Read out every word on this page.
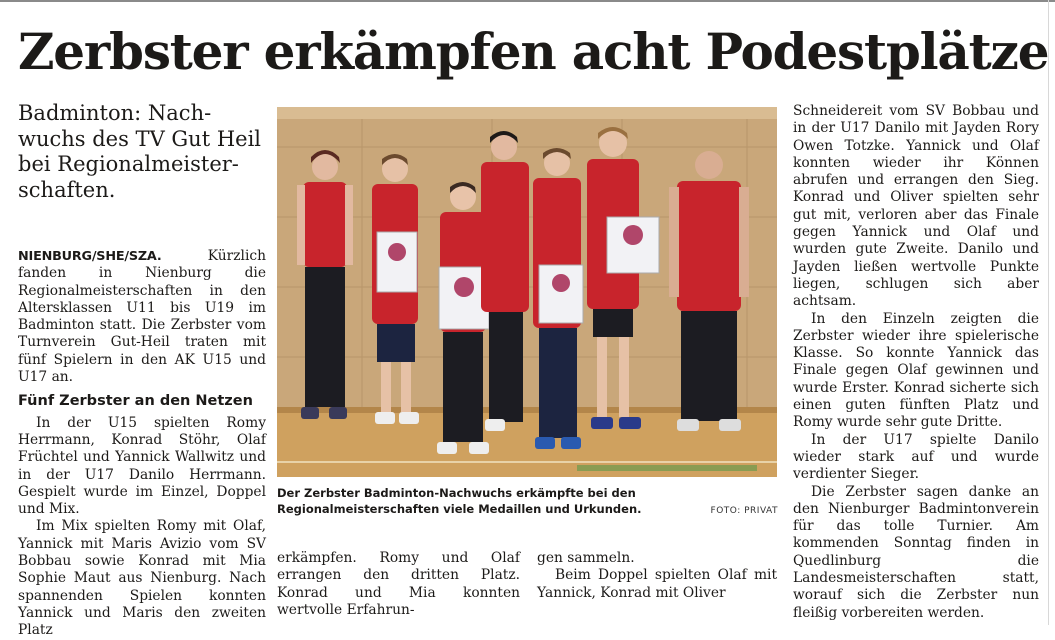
Zerbster erkämpfen acht Podestplätze
Badminton: Nach-wuchs des TV Gut Heil bei Regionalmeister-schaften.

NIENBURG/SHE/SZA.	Kürzlich fanden in Nienburg die Regionalmeisterschaften in den Altersklassen U11 bis U19 im Badminton statt. Die Zerbster vom Turnverein Gut-Heil traten mit fünf Spielern in den AK U15 und U17 an.

Fünf Zerbster an den Netzen

In der U15 spielten Romy Herrmann, Konrad Stöhr, Olaf Früchtel und Yannick Wallwitz und in der U17 Danilo Herrmann. Gespielt wurde im Einzel, Doppel und Mix.

Im Mix spielten Romy mit Olaf, Yannick mit Maris Avizio vom SV Bobbau sowie Konrad mit Mia Sophie Maut aus Nienburg. Nach spannenden Spielen konnten Yannick und Maris den zweiten Platz

Der Zerbster Badminton-Nachwuchs erkämpfte bei den Regionalmeisterschaften viele Medaillen und Urkunden.	FOTO: PRIVAT

erkämpfen. Romy und Olaf errangen den dritten Platz. Konrad und Mia konnten wertvolle Erfahrun-

gen sammeln.

Beim Doppel spielten Olaf mit Yannick, Konrad mit Oliver

Schneidereit vom SV Bobbau und in der U17 Danilo mit Jayden Rory Owen Totzke. Yannick und Olaf konnten wieder ihr Können abrufen und errangen den Sieg. Konrad und Oliver spielten sehr gut mit, verloren aber das Finale gegen Yannick und Olaf und wurden gute Zweite. Danilo und Jayden ließen wertvolle Punkte liegen, schlugen sich aber achtsam.

In den Einzeln zeigten die Zerbster wieder ihre spielerische Klasse. So konnte Yannick das Finale gegen Olaf gewinnen und wurde Erster. Konrad sicherte sich einen guten fünften Platz und Romy wurde sehr gute Dritte.

In der U17 spielte Danilo wieder stark auf und wurde verdienter Sieger.

Die Zerbster sagen danke an den Nienburger Badmintonverein für das tolle Turnier. Am kommenden Sonntag finden in Quedlinburg die Landesmeisterschaften statt, worauf sich die Zerbster nun fleißig vorbereiten werden.
